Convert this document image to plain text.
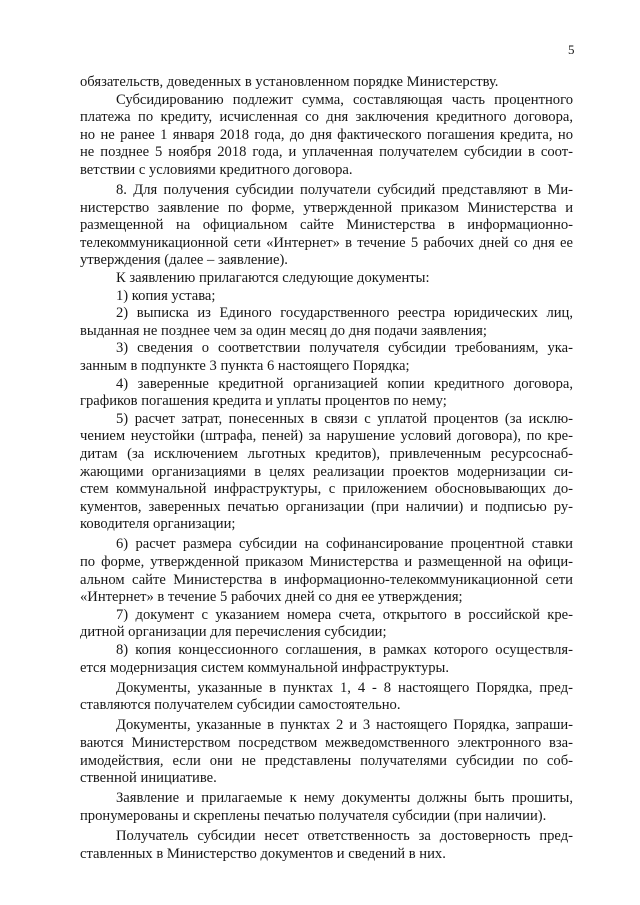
5

обязательств, доведенных в установленном порядке Министерству.

Субсидированию подлежит сумма, составляющая часть процентного
платежа по кредиту, исчисленная со дня заключения кредитного договора,
но не ранее 1 января 2018 года, до дня фактического погашения кредита, но
не позднее 5 ноября 2018 года, и уплаченная получателем субсидии в соот-
ветствии с условиями кредитного договора.

8. Для получения субсидии получатели субсидий представляют в Ми-
нистерство заявление по форме, утвержденной приказом Министерства и
размещенной на официальном сайте Министерства в информационно-
телекоммуникационной сети «Интернет» в течение 5 рабочих дней со дня ее
утверждения (далее – заявление).

К заявлению прилагаются следующие документы:

1) копия устава;

2) выписка из Единого государственного реестра юридических лиц,
выданная не позднее чем за один месяц до дня подачи заявления;

3) сведения о соответствии получателя субсидии требованиям, ука-
занным в подпункте 3 пункта 6 настоящего Порядка;

4) заверенные кредитной организацией копии кредитного договора,
графиков погашения кредита и уплаты процентов по нему;

5) расчет затрат, понесенных в связи с уплатой процентов (за исклю-
чением неустойки (штрафа, пеней) за нарушение условий договора), по кре-
дитам (за исключением льготных кредитов), привлеченным ресурсоснаб-
жающими организациями в целях реализации проектов модернизации си-
стем коммунальной инфраструктуры, с приложением обосновывающих до-
кументов, заверенных печатью организации (при наличии) и подписью ру-
ководителя организации;

6) расчет размера субсидии на софинансирование процентной ставки
по форме, утвержденной приказом Министерства и размещенной на офици-
альном сайте Министерства в информационно-телекоммуникационной сети
«Интернет» в течение 5 рабочих дней со дня ее утверждения;

7) документ с указанием номера счета, открытого в российской кре-
дитной организации для перечисления субсидии;

8) копия концессионного соглашения, в рамках которого осуществля-
ется модернизация систем коммунальной инфраструктуры.

Документы, указанные в пунктах 1, 4 - 8 настоящего Порядка, пред-
ставляются получателем субсидии самостоятельно.

Документы, указанные в пунктах 2 и 3 настоящего Порядка, запраши-
ваются Министерством посредством межведомственного электронного вза-
имодействия, если они не представлены получателями субсидии по соб-
ственной инициативе.

Заявление и прилагаемые к нему документы должны быть прошиты,
пронумерованы и скреплены печатью получателя субсидии (при наличии).

Получатель субсидии несет ответственность за достоверность пред-
ставленных в Министерство документов и сведений в них.
